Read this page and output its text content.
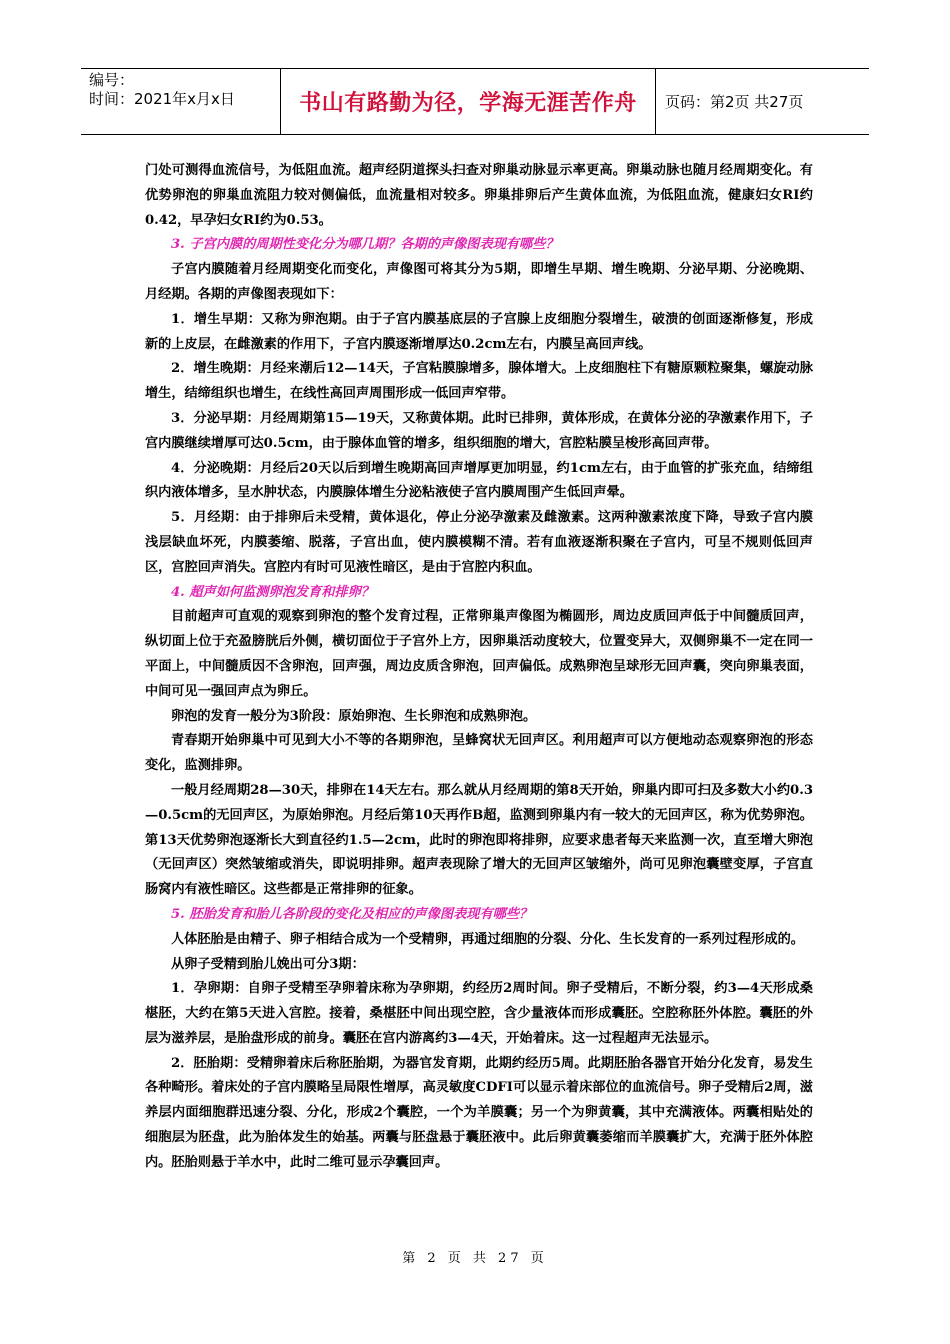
编号：
时间：2021年x月x日	书山有路勤为径，学海无涯苦作舟 页码：第2页 共27页

门处可测得血流信号，为低阻血流。超声经阴道探头扫查对卵巢动脉显示率更高。卵巢动脉也随月经周期变化。有优势卵泡的卵巢血流阻力较对侧偏低，血流量相对较多。卵巢排卵后产生黄体血流，为低阻血流，健康妇女RI约0.42，早孕妇女RI约为0.53。

3. 子宫内膜的周期性变化分为哪几期？各期的声像图表现有哪些？

子宫内膜随着月经周期变化而变化，声像图可将其分为5期，即增生早期、增生晚期、分泌早期、分泌晚期、月经期。各期的声像图表现如下：

1．增生早期：又称为卵泡期。由于子宫内膜基底层的子宫腺上皮细胞分裂增生，破溃的创面逐渐修复，形成新的上皮层，在雌激素的作用下，子宫内膜逐渐增厚达0.2cm左右，内膜呈高回声线。

2．增生晚期：月经来潮后12—14天，子宫粘膜腺增多，腺体增大。上皮细胞柱下有糖原颗粒聚集，螺旋动脉增生，结缔组织也增生，在线性高回声周围形成一低回声窄带。

3．分泌早期：月经周期第15—19天，又称黄体期。此时已排卵，黄体形成，在黄体分泌的孕激素作用下，子宫内膜继续增厚可达0.5cm，由于腺体血管的增多，组织细胞的增大，宫腔粘膜呈梭形高回声带。

4．分泌晚期：月经后20天以后到增生晚期高回声增厚更加明显，约1cm左右，由于血管的扩张充血，结缔组织内液体增多，呈水肿状态，内膜腺体增生分泌粘液使子宫内膜周围产生低回声晕。

5．月经期：由于排卵后未受精，黄体退化，停止分泌孕激素及雌激素。这两种激素浓度下降，导致子宫内膜浅层缺血坏死，内膜萎缩、脱落，子宫出血，使内膜模糊不清。若有血液逐渐积聚在子宫内，可呈不规则低回声区，宫腔回声消失。宫腔内有时可见液性暗区，是由于宫腔内积血。

4. 超声如何监测卵泡发育和排卵？

目前超声可直观的观察到卵泡的整个发育过程，正常卵巢声像图为椭圆形，周边皮质回声低于中间髓质回声，纵切面上位于充盈膀胱后外侧，横切面位于子宫外上方，因卵巢活动度较大，位置变异大，双侧卵巢不一定在同一平面上，中间髓质因不含卵泡，回声强，周边皮质含卵泡，回声偏低。成熟卵泡呈球形无回声囊，突向卵巢表面，中间可见一强回声点为卵丘。

卵泡的发育一般分为3阶段：原始卵泡、生长卵泡和成熟卵泡。

青春期开始卵巢中可见到大小不等的各期卵泡，呈蜂窝状无回声区。利用超声可以方便地动态观察卵泡的形态变化，监测排卵。

一般月经周期28—30天，排卵在14天左右。那么就从月经周期的第8天开始，卵巢内即可扫及多数大小约0.3—0.5cm的无回声区，为原始卵泡。月经后第10天再作B超，监测到卵巢内有一较大的无回声区，称为优势卵泡。第13天优势卵泡逐渐长大到直径约1.5—2cm，此时的卵泡即将排卵，应要求患者每天来监测一次，直至增大卵泡（无回声区）突然皱缩或消失，即说明排卵。超声表现除了增大的无回声区皱缩外，尚可见卵泡囊壁变厚，子宫直肠窝内有液性暗区。这些都是正常排卵的征象。

5. 胚胎发育和胎儿各阶段的变化及相应的声像图表现有哪些？

人体胚胎是由精子、卵子相结合成为一个受精卵，再通过细胞的分裂、分化、生长发育的一系列过程形成的。

从卵子受精到胎儿娩出可分3期：

1．孕卵期：自卵子受精至孕卵着床称为孕卵期，约经历2周时间。卵子受精后，不断分裂，约3—4天形成桑椹胚，大约在第5天进入宫腔。接着，桑椹胚中间出现空腔，含少量液体而形成囊胚。空腔称胚外体腔。囊胚的外层为滋养层，是胎盘形成的前身。囊胚在宫内游离约3—4天，开始着床。这一过程超声无法显示。

2．胚胎期：受精卵着床后称胚胎期，为器官发育期，此期约经历5周。此期胚胎各器官开始分化发育，易发生各种畸形。着床处的子宫内膜略呈局限性增厚，高灵敏度CDFI可以显示着床部位的血流信号。卵子受精后2周，滋养层内面细胞群迅速分裂、分化，形成2个囊腔，一个为羊膜囊；另一个为卵黄囊，其中充满液体。两囊相贴处的细胞层为胚盘，此为胎体发生的始基。两囊与胚盘悬于囊胚液中。此后卵黄囊萎缩而羊膜囊扩大，充满于胚外体腔内。胚胎则悬于羊水中，此时二维可显示孕囊回声。

第 2 页 共 27 页
